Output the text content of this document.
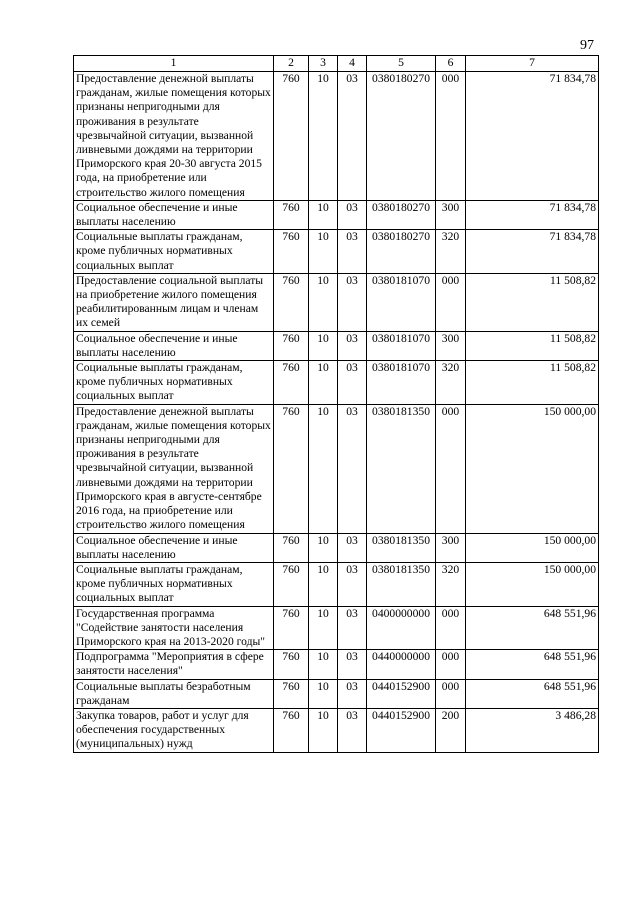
97
1	2	3	4	5	6	7
Предоставление денежной выплаты гражданам, жилые помещения которых признаны непригодными для проживания в результате чрезвычайной ситуации, вызванной ливневыми дождями на территории Приморского края 20-30 августа 2015 года, на приобретение или строительство жилого помещения	760	10	03	0380180270	000	71 834,78
Социальное обеспечение и иные выплаты населению	760	10	03	0380180270	300	71 834,78
Социальные выплаты гражданам, кроме публичных нормативных социальных выплат	760	10	03	0380180270	320	71 834,78
Предоставление социальной выплаты на приобретение жилого помещения реабилитированным лицам и членам их семей	760	10	03	0380181070	000	11 508,82
Социальное обеспечение и иные выплаты населению	760	10	03	0380181070	300	11 508,82
Социальные выплаты гражданам, кроме публичных нормативных социальных выплат	760	10	03	0380181070	320	11 508,82
Предоставление денежной выплаты гражданам, жилые помещения которых признаны непригодными для проживания в результате чрезвычайной ситуации, вызванной ливневыми дождями на территории Приморского края в августе-сентябре 2016 года, на приобретение или строительство жилого помещения	760	10	03	0380181350	000	150 000,00
Социальное обеспечение и иные выплаты населению	760	10	03	0380181350	300	150 000,00
Социальные выплаты гражданам, кроме публичных нормативных социальных выплат	760	10	03	0380181350	320	150 000,00
Государственная программа "Содействие занятости населения Приморского края на 2013-2020 годы"	760	10	03	0400000000	000	648 551,96
Подпрограмма "Мероприятия в сфере занятости населения"	760	10	03	0440000000	000	648 551,96
Социальные выплаты безработным гражданам	760	10	03	0440152900	000	648 551,96
Закупка товаров, работ и услуг для обеспечения государственных (муниципальных) нужд	760	10	03	0440152900	200	3 486,28
